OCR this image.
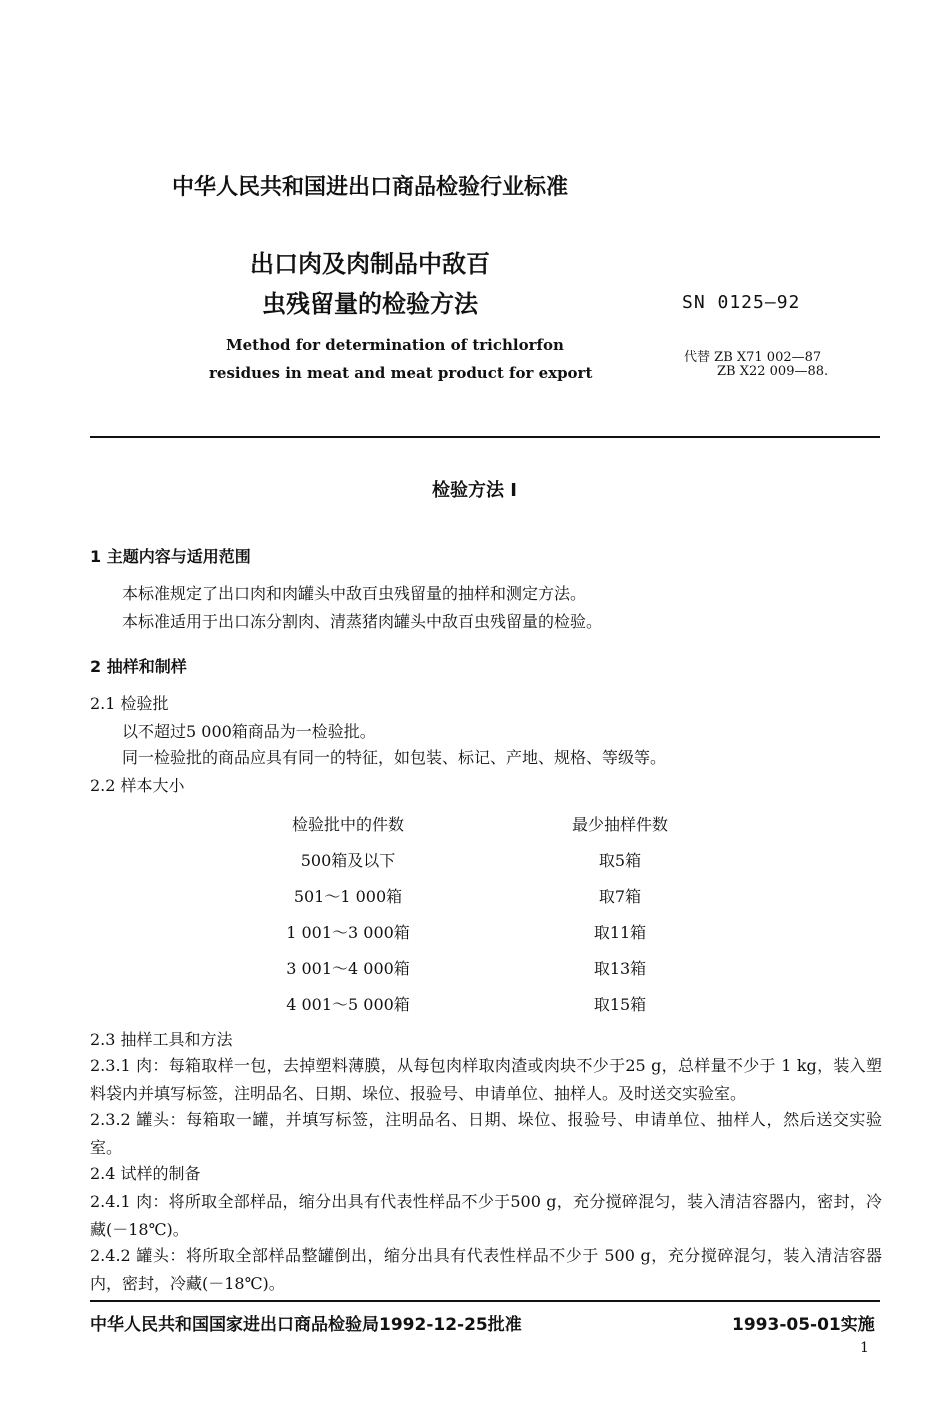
中华人民共和国进出口商品检验行业标准
出口肉及肉制品中敌百
虫残留量的检验方法	SN 0125—92
Method for determination of trichlorfon
residues in meat and meat product for export
代替 ZB X71 002—87
ZB X22 009—88.
检验方法 I
1 主题内容与适用范围
本标准规定了出口肉和肉罐头中敌百虫残留量的抽样和测定方法。
本标准适用于出口冻分割肉、清蒸猪肉罐头中敌百虫残留量的检验。
2 抽样和制样
2.1 检验批
以不超过5 000箱商品为一检验批。
同一检验批的商品应具有同一的特征，如包装、标记、产地、规格、等级等。
2.2 样本大小
检验批中的件数	最少抽样件数
500箱及以下	取5箱
501～1 000箱	取7箱
1 001～3 000箱	取11箱
3 001～4 000箱	取13箱
4 001～5 000箱	取15箱
2.3 抽样工具和方法
2.3.1 肉：每箱取样一包，去掉塑料薄膜，从每包肉样取肉渣或肉块不少于25 g，总样量不少于 1 kg，装入塑料袋内并填写标签，注明品名、日期、垛位、报验号、申请单位、抽样人。及时送交实验室。
2.3.2 罐头：每箱取一罐，并填写标签，注明品名、日期、垛位、报验号、申请单位、抽样人，然后送交实验室。
2.4 试样的制备
2.4.1 肉：将所取全部样品，缩分出具有代表性样品不少于500 g，充分搅碎混匀，装入清洁容器内，密封，冷藏(－18℃)。
2.4.2 罐头：将所取全部样品整罐倒出，缩分出具有代表性样品不少于 500 g，充分搅碎混匀，装入清洁容器内，密封，冷藏(－18℃)。
中华人民共和国国家进出口商品检验局1992-12-25批准	1993-05-01实施
1
